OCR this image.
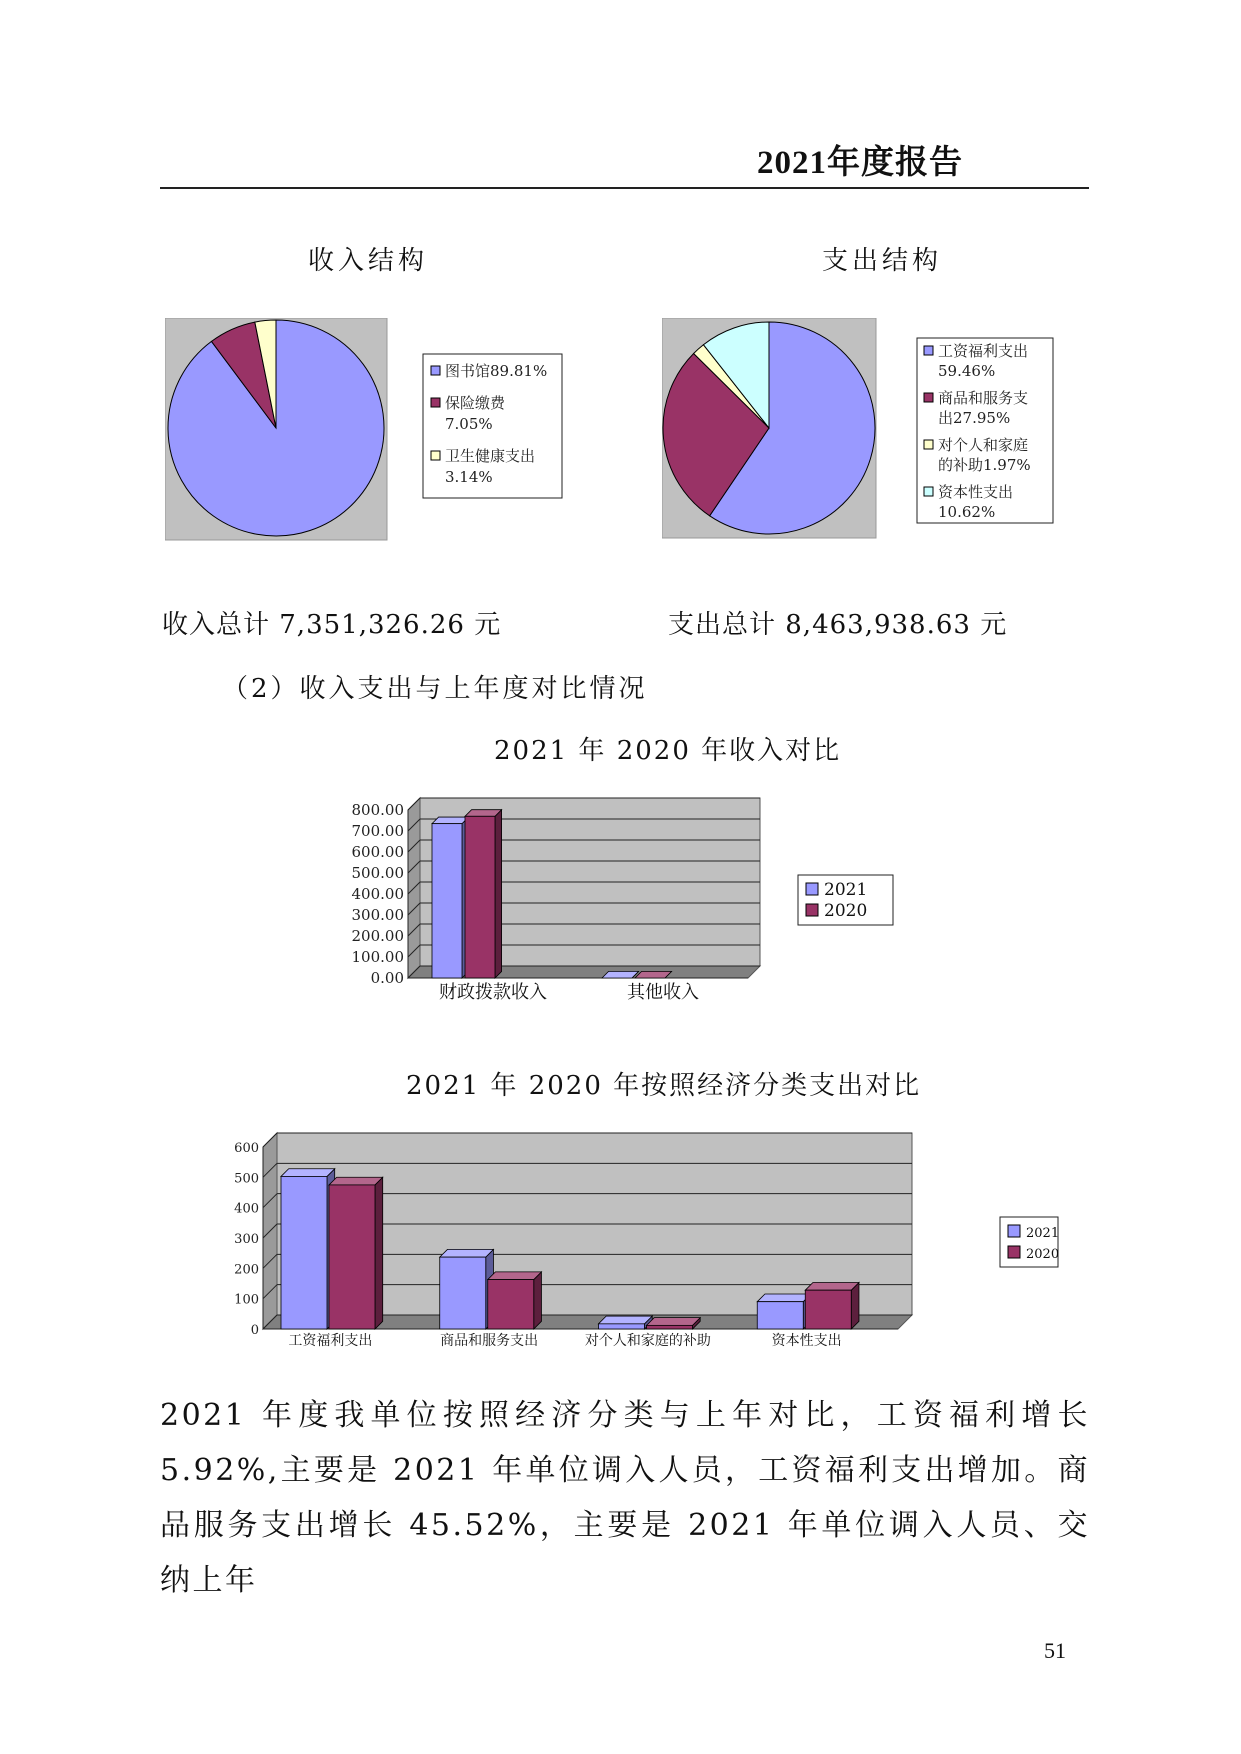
2021年度报告
收入结构	支出结构
图书馆89.81%
保险缴费
7.05%
卫生健康支出
3.14%
工资福利支出
59.46%
商品和服务支
出27.95%
对个人和家庭
的补助1.97%
资本性支出
10.62%
收入总计 7,351,326.26 元	支出总计 8,463,938.63 元
（2）收入支出与上年度对比情况
2021 年 2020 年收入对比
800.00
700.00
600.00
500.00
400.00
300.00
200.00
100.00
0.00
财政拨款收入	其他收入
2021
2020
2021 年 2020 年按照经济分类支出对比
600
500
400
300
200
100
0
工资福利支出	商品和服务支出	对个人和家庭的补助	资本性支出
2021
2020
2021 年度我单位按照经济分类与上年对比，工资福利增长 5.92%,主要是 2021 年单位调入人员，工资福利支出增加。商品服务支出增长 45.52%，主要是 2021 年单位调入人员、交纳上年
51
